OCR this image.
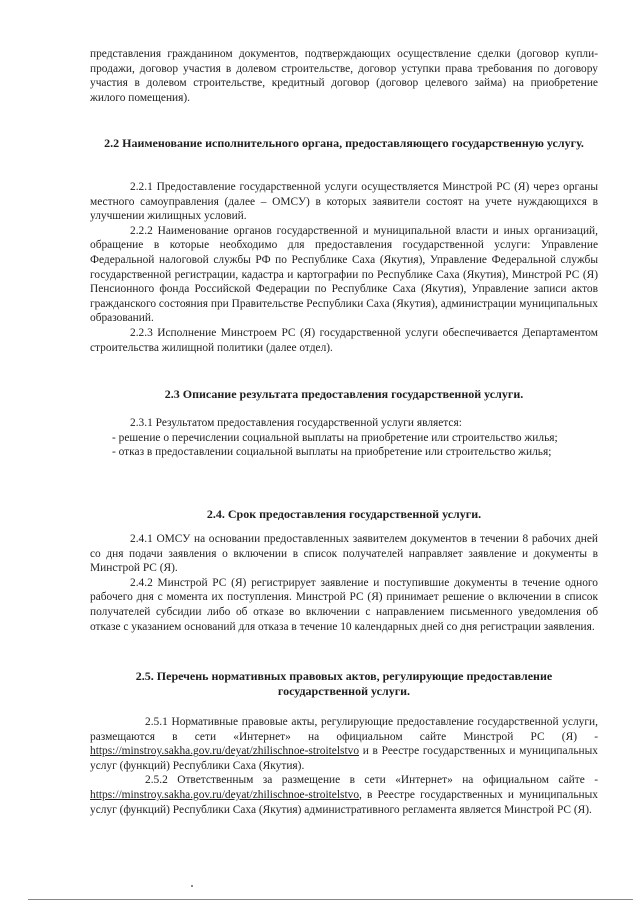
представления гражданином документов, подтверждающих осуществление сделки (договор купли-продажи, договор участия в долевом строительстве, договор уступки права требования по договору участия в долевом строительстве, кредитный договор (договор целевого займа) на приобретение жилого помещения).

2.2 Наименование исполнительного органа, предоставляющего государственную услугу.

2.2.1 Предоставление государственной услуги осуществляется Минстрой РС (Я) через органы местного самоуправления (далее – ОМСУ) в которых заявители состоят на учете нуждающихся в улучшении жилищных условий.

2.2.2 Наименование органов государственной и муниципальной власти и иных организаций, обращение в которые необходимо для предоставления государственной услуги: Управление Федеральной налоговой службы РФ по Республике Саха (Якутия), Управление Федеральной службы государственной регистрации, кадастра и картографии по Республике Саха (Якутия), Минстрой РС (Я) Пенсионного фонда Российской Федерации по Республике Саха (Якутия), Управление записи актов гражданского состояния при Правительстве Республики Саха (Якутия), администрации муниципальных образований.

2.2.3 Исполнение Минстроем РС (Я) государственной услуги обеспечивается Департаментом строительства жилищной политики (далее отдел).

2.3 Описание результата предоставления государственной услуги.

2.3.1 Результатом предоставления государственной услуги является:

- решение о перечислении социальной выплаты на приобретение или строительство жилья;

- отказ в предоставлении социальной выплаты на приобретение или строительство жилья;

2.4. Срок предоставления государственной услуги.

2.4.1 ОМСУ на основании предоставленных заявителем документов в течении 8 рабочих дней со дня подачи заявления о включении в список получателей направляет заявление и документы в Минстрой РС (Я).

2.4.2 Минстрой РС (Я) регистрирует заявление и поступившие документы в течение одного рабочего дня с момента их поступления. Минстрой РС (Я) принимает решение о включении в список получателей субсидии либо об отказе во включении с направлением письменного уведомления об отказе с указанием оснований для отказа в течение 10 календарных дней со дня регистрации заявления.

2.5. Перечень нормативных правовых актов, регулирующие предоставление государственной услуги.

2.5.1 Нормативные правовые акты, регулирующие предоставление государственной услуги, размещаются в сети «Интернет» на официальном сайте Минстрой РС (Я) - https://minstroy.sakha.gov.ru/deyat/zhilischnoe-stroitelstvo и в Реестре государственных и муниципальных услуг (функций) Республики Саха (Якутия).

2.5.2 Ответственным за размещение в сети «Интернет» на официальном сайте - https://minstroy.sakha.gov.ru/deyat/zhilischnoe-stroitelstvo, в Реестре государственных и муниципальных услуг (функций) Республики Саха (Якутия) административного регламента является Минстрой РС (Я).
